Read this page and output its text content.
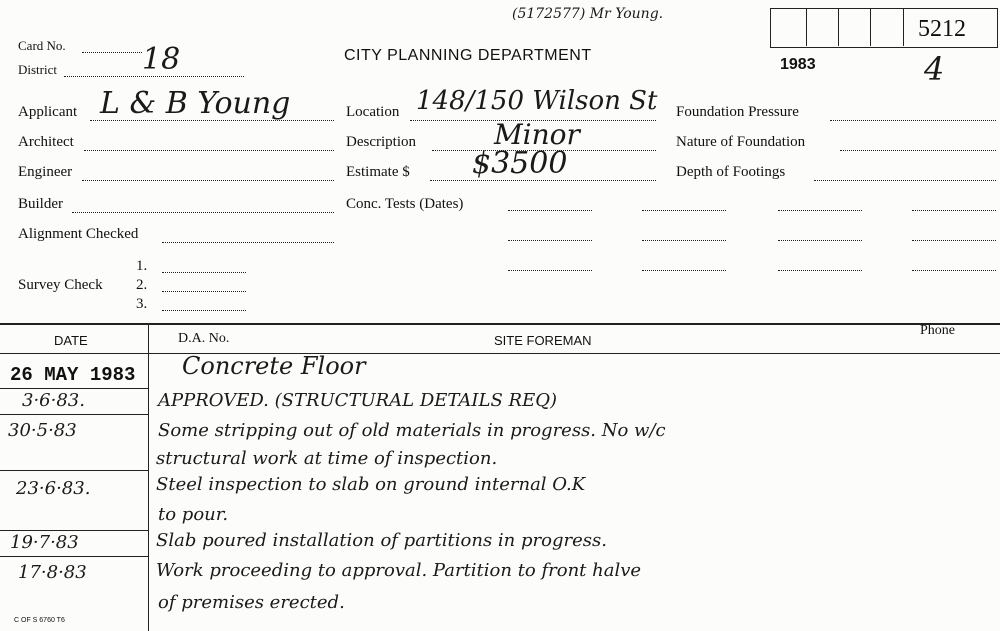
(5172577) Mr Young.
5212
Card No.
District	18	CITY PLANNING DEPARTMENT
1983	4
Applicant L & B Young
Architect
Engineer
Builder
Alignment Checked
Survey Check
1.
2.
3.
Location 148/150 Wilson St
Description	Minor
Estimate $ $3500
Conc. Tests (Dates)
Foundation Pressure
Nature of Foundation
Depth of Footings
DATE	D.A. No.	SITE FOREMAN
Phone
26 MAY 1983 Concrete Floor
3·6·83.	APPROVED. (STRUCTURAL DETAILS REQ)
30·5·83	Some stripping out of old materials in progress. No w/c
structural work at time of inspection.
23·6·83.	Steel inspection to slab on ground internal O.K
to pour.
19·7·83	Slab poured installation of partitions in progress.
17·8·83	Work proceeding to approval. Partition to front halve
of premises erected.
C OF S 6760 T6
